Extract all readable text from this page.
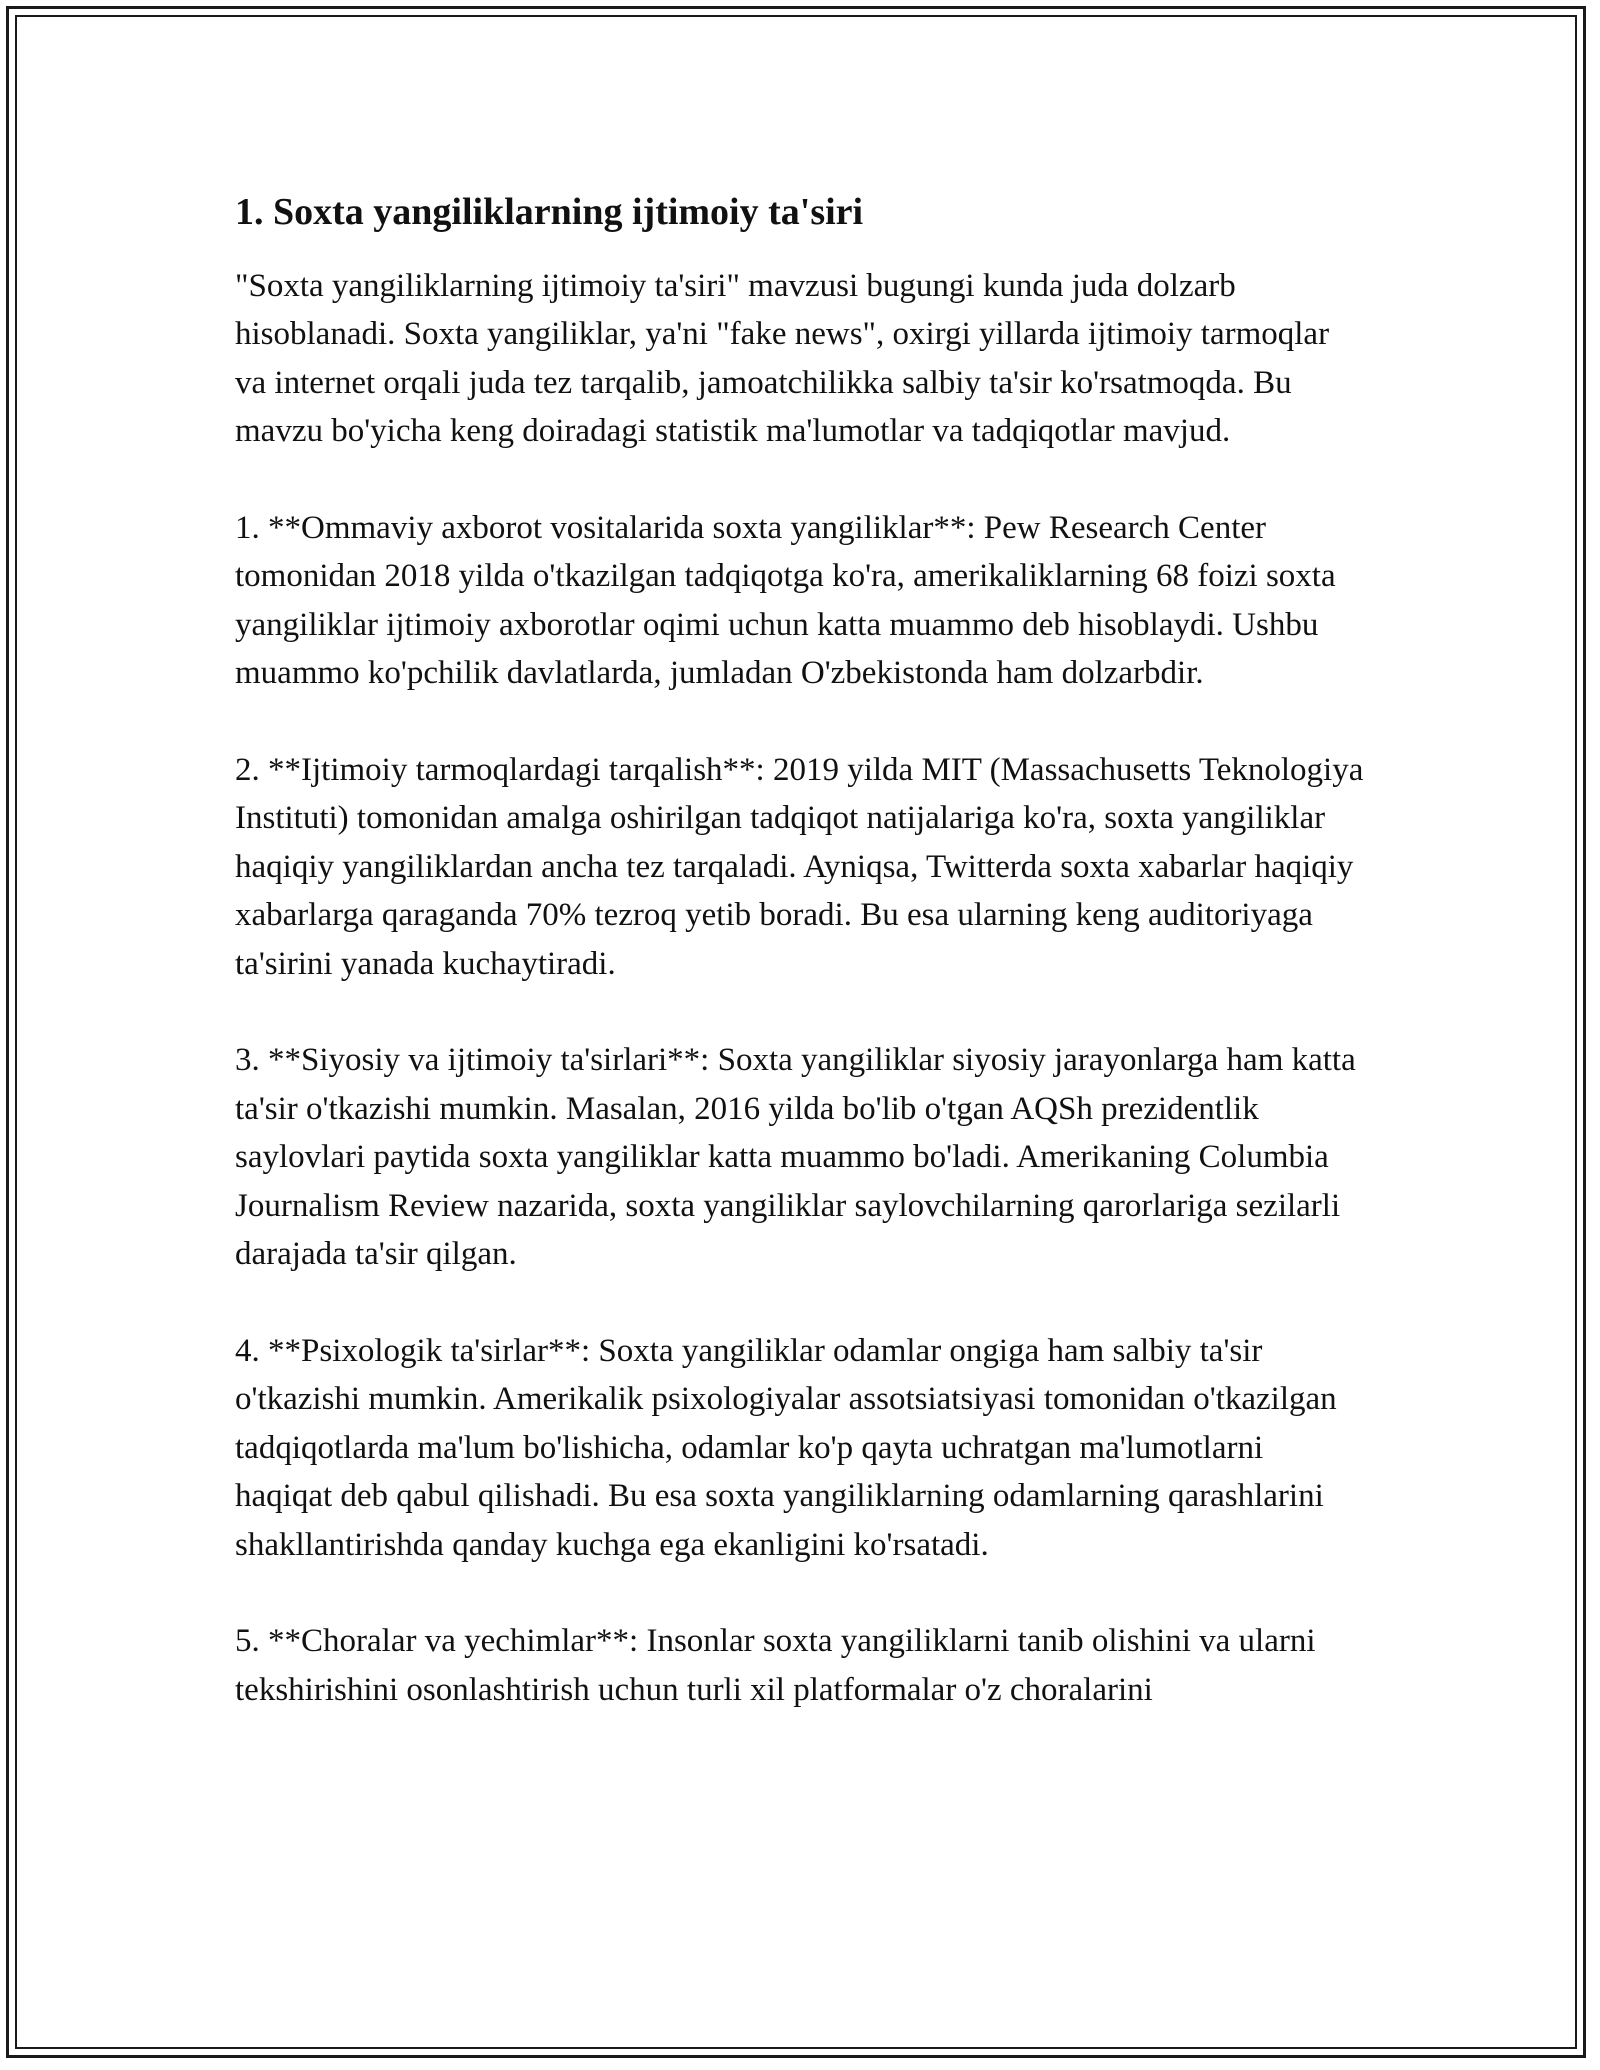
1. Soxta yangiliklarning ijtimoiy ta'siri

"Soxta yangiliklarning ijtimoiy ta'siri" mavzusi bugungi kunda juda dolzarb hisoblanadi. Soxta yangiliklar, ya'ni "fake news", oxirgi yillarda ijtimoiy tarmoqlar va internet orqali juda tez tarqalib, jamoatchilikka salbiy ta'sir ko'rsatmoqda. Bu mavzu bo'yicha keng doiradagi statistik ma'lumotlar va tadqiqotlar mavjud.

1. **Ommaviy axborot vositalarida soxta yangiliklar**: Pew Research Center tomonidan 2018 yilda o'tkazilgan tadqiqotga ko'ra, amerikaliklarning 68 foizi soxta yangiliklar ijtimoiy axborotlar oqimi uchun katta muammo deb hisoblaydi. Ushbu muammo ko'pchilik davlatlarda, jumladan O'zbekistonda ham dolzarbdir.

2. **Ijtimoiy tarmoqlardagi tarqalish**: 2019 yilda MIT (Massachusetts Teknologiya Instituti) tomonidan amalga oshirilgan tadqiqot natijalariga ko'ra, soxta yangiliklar haqiqiy yangiliklardan ancha tez tarqaladi. Ayniqsa, Twitterda soxta xabarlar haqiqiy xabarlarga qaraganda 70% tezroq yetib boradi. Bu esa ularning keng auditoriyaga ta'sirini yanada kuchaytiradi.

3. **Siyosiy va ijtimoiy ta'sirlari**: Soxta yangiliklar siyosiy jarayonlarga ham katta ta'sir o'tkazishi mumkin. Masalan, 2016 yilda bo'lib o'tgan AQSh prezidentlik saylovlari paytida soxta yangiliklar katta muammo bo'ladi. Amerikaning Columbia Journalism Review nazarida, soxta yangiliklar saylovchilarning qarorlariga sezilarli darajada ta'sir qilgan.

4. **Psixologik ta'sirlar**: Soxta yangiliklar odamlar ongiga ham salbiy ta'sir o'tkazishi mumkin. Amerikalik psixologiyalar assotsiatsiyasi tomonidan o'tkazilgan tadqiqotlarda ma'lum bo'lishicha, odamlar ko'p qayta uchratgan ma'lumotlarni haqiqat deb qabul qilishadi. Bu esa soxta yangiliklarning odamlarning qarashlarini shakllantirishda qanday kuchga ega ekanligini ko'rsatadi.

5. **Choralar va yechimlar**: Insonlar soxta yangiliklarni tanib olishini va ularni tekshirishini osonlashtirish uchun turli xil platformalar o'z choralarini
